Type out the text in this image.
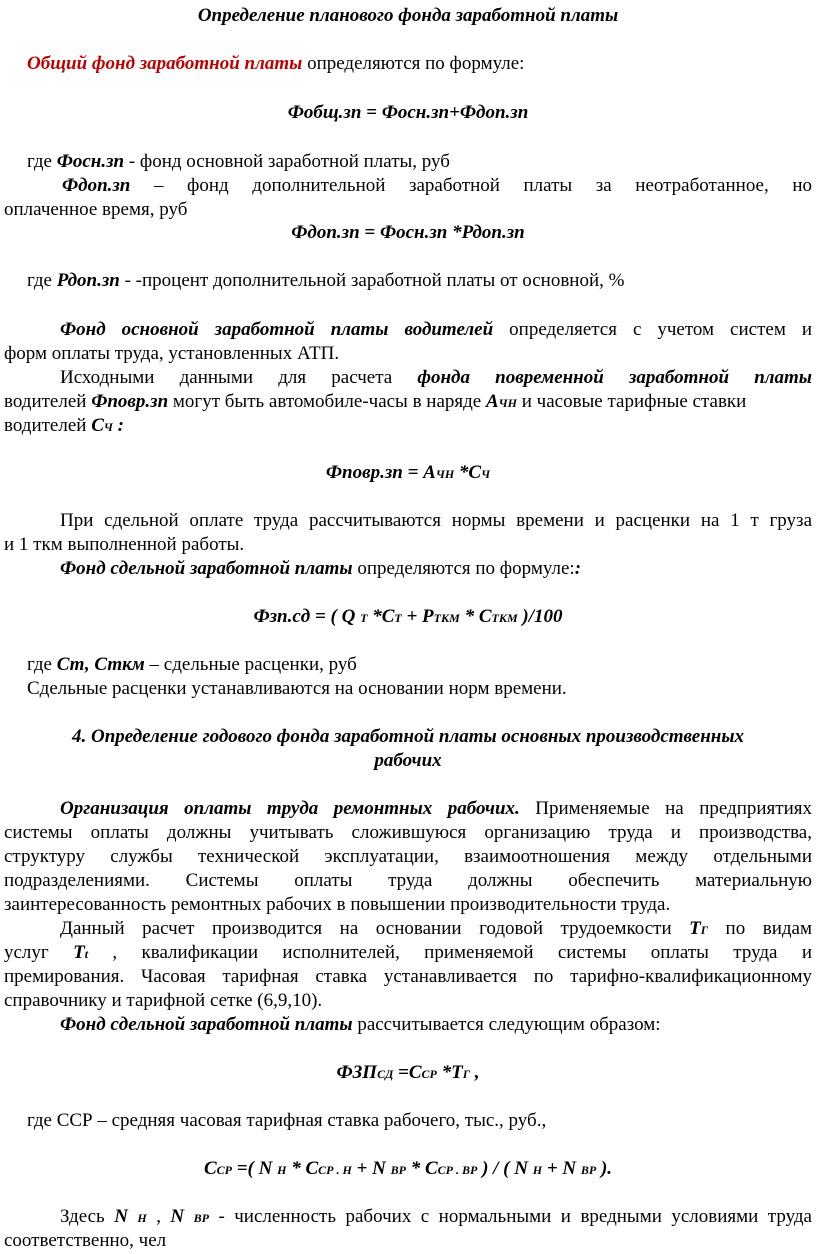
Определение планового фонда заработной платы
Общий фонд заработной платы определяются по формуле:
Фобщ.зп = Фосн.зп+Фдоп.зп
где Фосн.зп - фонд основной заработной платы, руб
Фдоп.зп – фонд дополнительной заработной платы за неотработанное, но
оплаченное время, руб
Фдоп.зп = Фосн.зп *Рдоп.зп
где Рдоп.зп - -процент дополнительной заработной платы от основной, %
Фонд основной заработной платы водителей определяется с учетом систем и
форм оплаты труда, установленных АТП.
Исходными данными для расчета фонда повременной заработной платы
водителей Фповр.зп могут быть автомобиле-часы в наряде АЧН и часовые тарифные ставки
водителей СЧ :
Фповр.зп = АЧН *СЧ
При сдельной оплате труда рассчитываются нормы времени и расценки на 1 т груза
и 1 ткм выполненной работы.
Фонд сдельной заработной платы определяются по формуле::
Фзп.сд = ( Q Т *СТ + РТКМ * СТКМ )/100
где Ст, Сткм – сдельные расценки, руб
Сдельные расценки устанавливаются на основании норм времени.
4. Определение годового фонда заработной платы основных производственных
рабочих
Организация оплаты труда ремонтных рабочих. Применяемые на предприятиях
системы оплаты должны учитывать сложившуюся организацию труда и производства,
структуру службы технической эксплуатации, взаимоотношения между отдельными
подразделениями. Системы оплаты труда должны обеспечить материальную
заинтересованность ремонтных рабочих в повышении производительности труда.
Данный расчет производится на основании годовой трудоемкости ТГ по видам
услуг Тt , квалификации исполнителей, применяемой системы оплаты труда и
премирования. Часовая тарифная ставка устанавливается по тарифно-квалификационному
справочнику и тарифной сетке (6,9,10).
Фонд сдельной заработной платы рассчитывается следующим образом:
ФЗПСД =ССР *ТГ ,
где ССР – средняя часовая тарифная ставка рабочего, тыс., руб.,
ССР =( N Н * ССР . Н + N ВР * ССР . ВР ) / ( N Н + N ВР ).
Здесь N Н , N ВР - численность рабочих с нормальными и вредными условиями труда
соответственно, чел
